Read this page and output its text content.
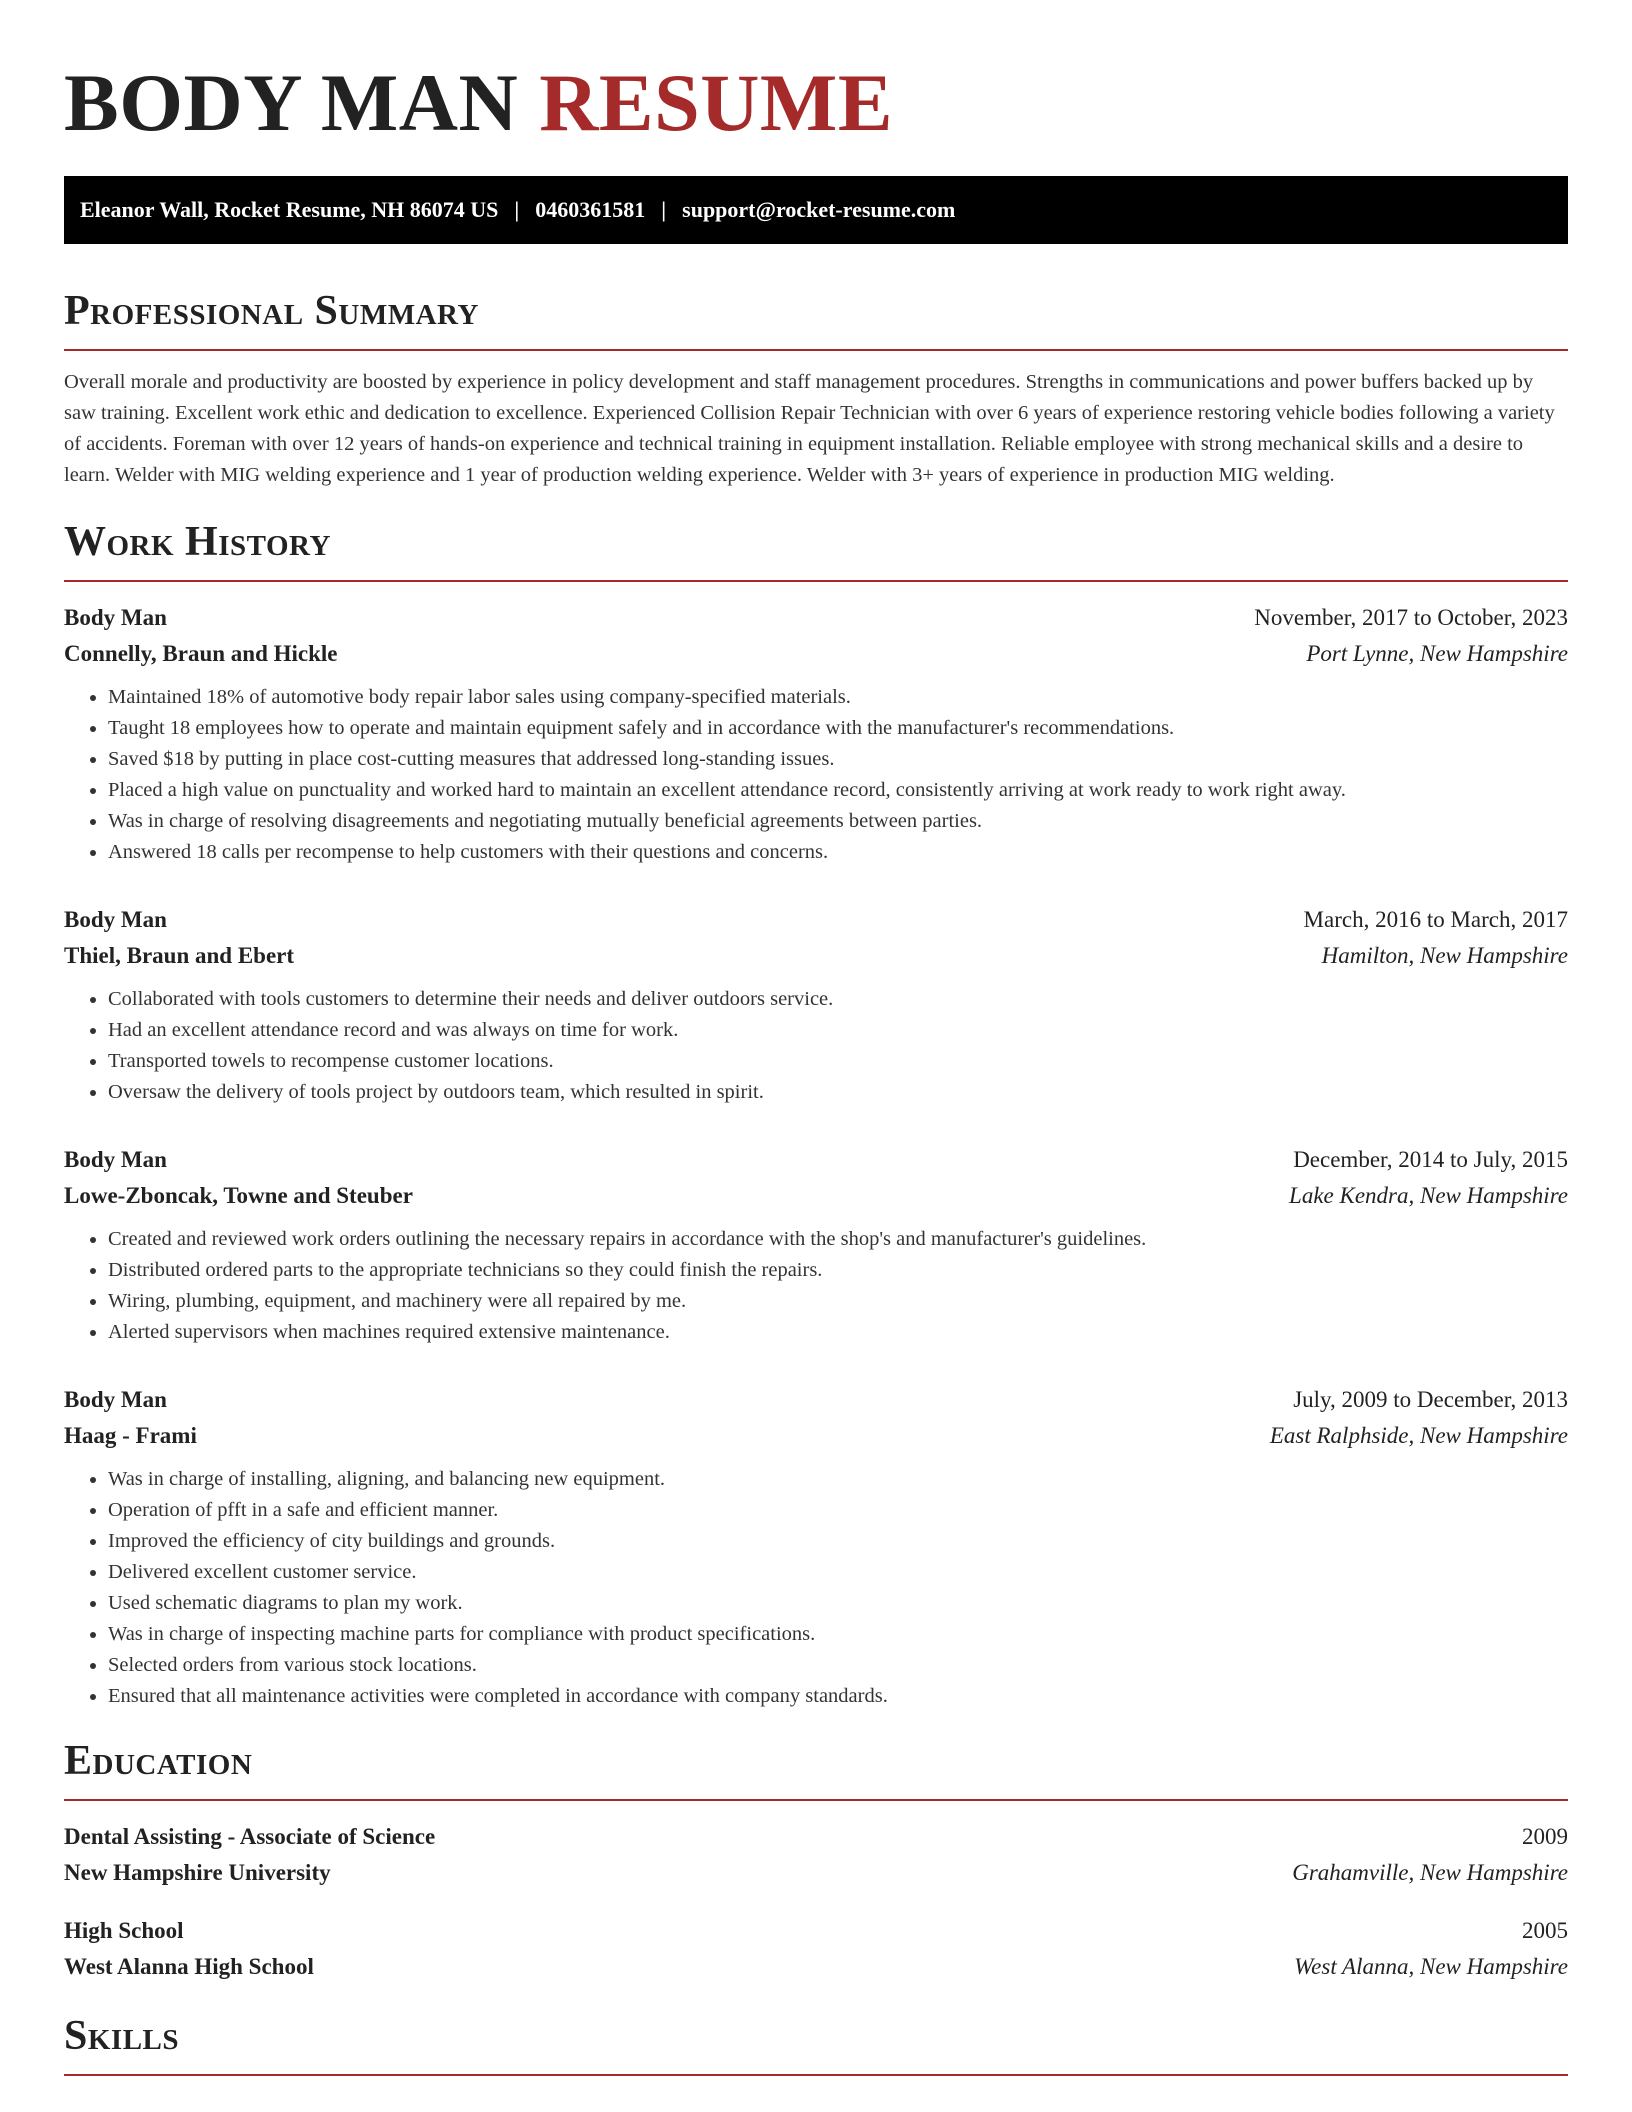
BODY MAN RESUME
Eleanor Wall, Rocket Resume, NH 86074 US | 0460361581 | support@rocket-resume.com
Professional Summary

Overall morale and productivity are boosted by experience in policy development and staff management procedures. Strengths in communications and power buffers backed up by saw training. Excellent work ethic and dedication to excellence. Experienced Collision Repair Technician with over 6 years of experience restoring vehicle bodies following a variety of accidents. Foreman with over 12 years of hands-on experience and technical training in equipment installation. Reliable employee with strong mechanical skills and a desire to learn. Welder with MIG welding experience and 1 year of production welding experience. Welder with 3+ years of experience in production MIG welding.

Work History
Body Man	November, 2017 to October, 2023
Connelly, Braun and Hickle	Port Lynne, New Hampshire
• Maintained 18% of automotive body repair labor sales using company-specified materials.
• Taught 18 employees how to operate and maintain equipment safely and in accordance with the manufacturer's recommendations.
• Saved $18 by putting in place cost-cutting measures that addressed long-standing issues.
• Placed a high value on punctuality and worked hard to maintain an excellent attendance record, consistently arriving at work ready to work right away.
• Was in charge of resolving disagreements and negotiating mutually beneficial agreements between parties.
• Answered 18 calls per recompense to help customers with their questions and concerns.
Body Man	March, 2016 to March, 2017
Thiel, Braun and Ebert	Hamilton, New Hampshire
• Collaborated with tools customers to determine their needs and deliver outdoors service.
• Had an excellent attendance record and was always on time for work.
• Transported towels to recompense customer locations.
• Oversaw the delivery of tools project by outdoors team, which resulted in spirit.
Body Man	December, 2014 to July, 2015
Lowe-Zboncak, Towne and Steuber	Lake Kendra, New Hampshire
• Created and reviewed work orders outlining the necessary repairs in accordance with the shop's and manufacturer's guidelines.
• Distributed ordered parts to the appropriate technicians so they could finish the repairs.
• Wiring, plumbing, equipment, and machinery were all repaired by me.
• Alerted supervisors when machines required extensive maintenance.
Body Man	July, 2009 to December, 2013
Haag - Frami	East Ralphside, New Hampshire
• Was in charge of installing, aligning, and balancing new equipment.
• Operation of pfft in a safe and efficient manner.
• Improved the efficiency of city buildings and grounds.
• Delivered excellent customer service.
• Used schematic diagrams to plan my work.
• Was in charge of inspecting machine parts for compliance with product specifications.
• Selected orders from various stock locations.
• Ensured that all maintenance activities were completed in accordance with company standards.
Education
Dental Assisting - Associate of Science	2009
New Hampshire University	Grahamville, New Hampshire
High School	2005
West Alanna High School	West Alanna, New Hampshire
Skills
